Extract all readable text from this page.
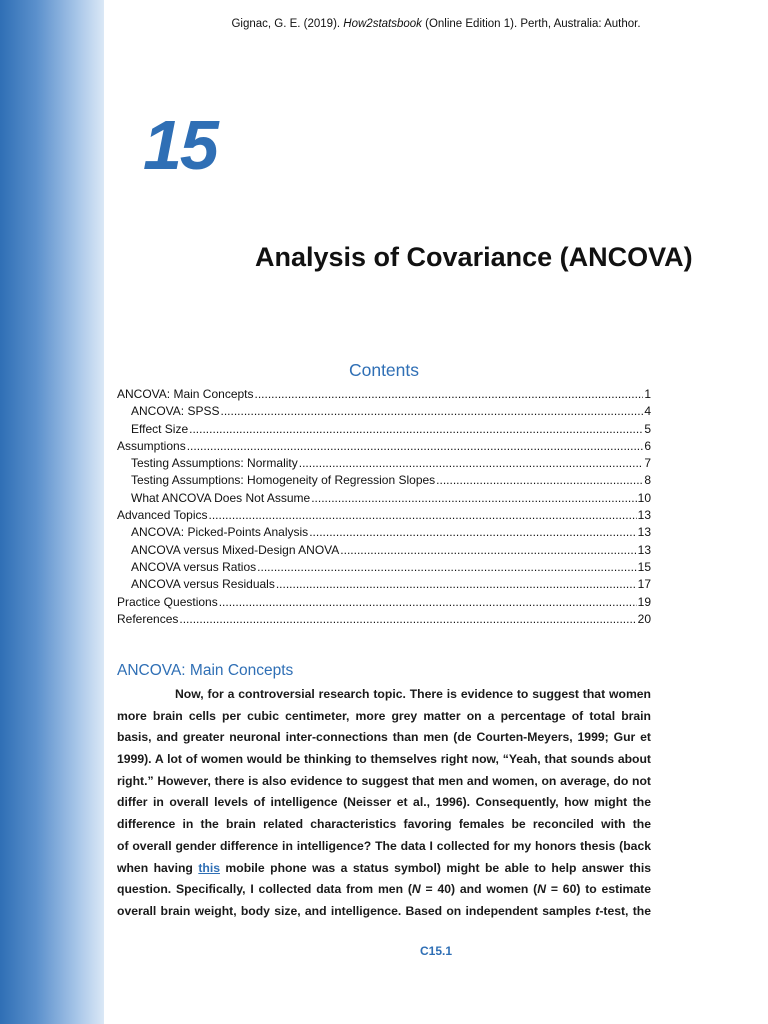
Gignac, G. E. (2019). How2statsbook (Online Edition 1). Perth, Australia: Author.
15
Analysis of Covariance (ANCOVA)
Contents
ANCOVA: Main Concepts .....	1
ANCOVA: SPSS .....	4
Effect Size .....	5
Assumptions .....	6
Testing Assumptions: Normality .....	7
Testing Assumptions: Homogeneity of Regression Slopes .....	8
What ANCOVA Does Not Assume .....	10
Advanced Topics .....	13
ANCOVA: Picked-Points Analysis .....	13
ANCOVA versus Mixed-Design ANOVA .....	13
ANCOVA versus Ratios .....	15
ANCOVA versus Residuals .....	17
Practice Questions .....	19
References .....	20
ANCOVA: Main Concepts
Now, for a controversial research topic. There is evidence to suggest that women
more brain cells per cubic centimeter, more grey matter on a percentage of total brain
basis, and greater neuronal inter-connections than men (de Courten-Meyers, 1999; Gur et
1999). A lot of women would be thinking to themselves right now, “Yeah, that sounds about
right.” However, there is also evidence to suggest that men and women, on average, do not
differ in overall levels of intelligence (Neisser et al., 1996). Consequently, how might the
difference in the brain related characteristics favoring females be reconciled with the
of overall gender difference in intelligence? The data I collected for my honors thesis (back
when having this mobile phone was a status symbol) might be able to help answer this
question. Specifically, I collected data from men (N = 40) and women (N = 60) to estimate
overall brain weight, body size, and intelligence. Based on independent samples t-test, the
C15.1
